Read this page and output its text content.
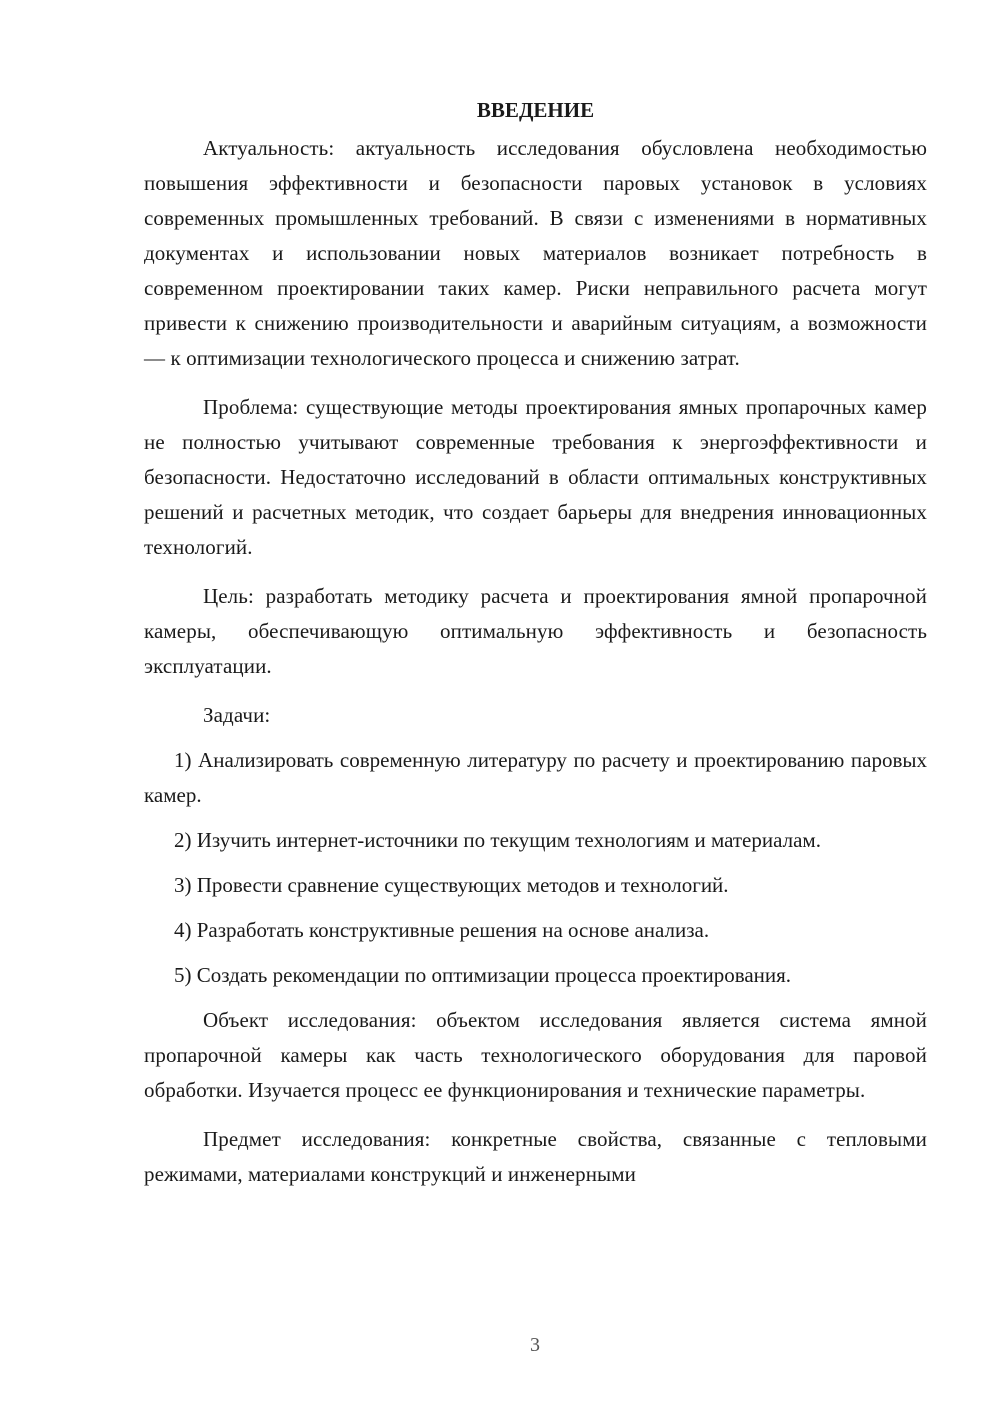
ВВЕДЕНИЕ

Актуальность: актуальность исследования обусловлена необходимостью повышения эффективности и безопасности паровых установок в условиях современных промышленных требований. В связи с изменениями в нормативных документах и использовании новых материалов возникает потребность в современном проектировании таких камер. Риски неправильного расчета могут привести к снижению производительности и аварийным ситуациям, а возможности — к оптимизации технологического процесса и снижению затрат.

Проблема: существующие методы проектирования ямных пропарочных камер не полностью учитывают современные требования к энергоэффективности и безопасности. Недостаточно исследований в области оптимальных конструктивных решений и расчетных методик, что создает барьеры для внедрения инновационных технологий.

Цель: разработать методику расчета и проектирования ямной пропарочной камеры, обеспечивающую оптимальную эффективность и безопасность эксплуатации.

Задачи:

1) Анализировать современную литературу по расчету и проектированию паровых камер.

2) Изучить интернет-источники по текущим технологиям и материалам.

3) Провести сравнение существующих методов и технологий.

4) Разработать конструктивные решения на основе анализа.

5) Создать рекомендации по оптимизации процесса проектирования.

Объект исследования: объектом исследования является система ямной пропарочной камеры как часть технологического оборудования для паровой обработки. Изучается процесс ее функционирования и технические параметры.

Предмет исследования: конкретные свойства, связанные с тепловыми режимами, материалами конструкций и инженерными

3
